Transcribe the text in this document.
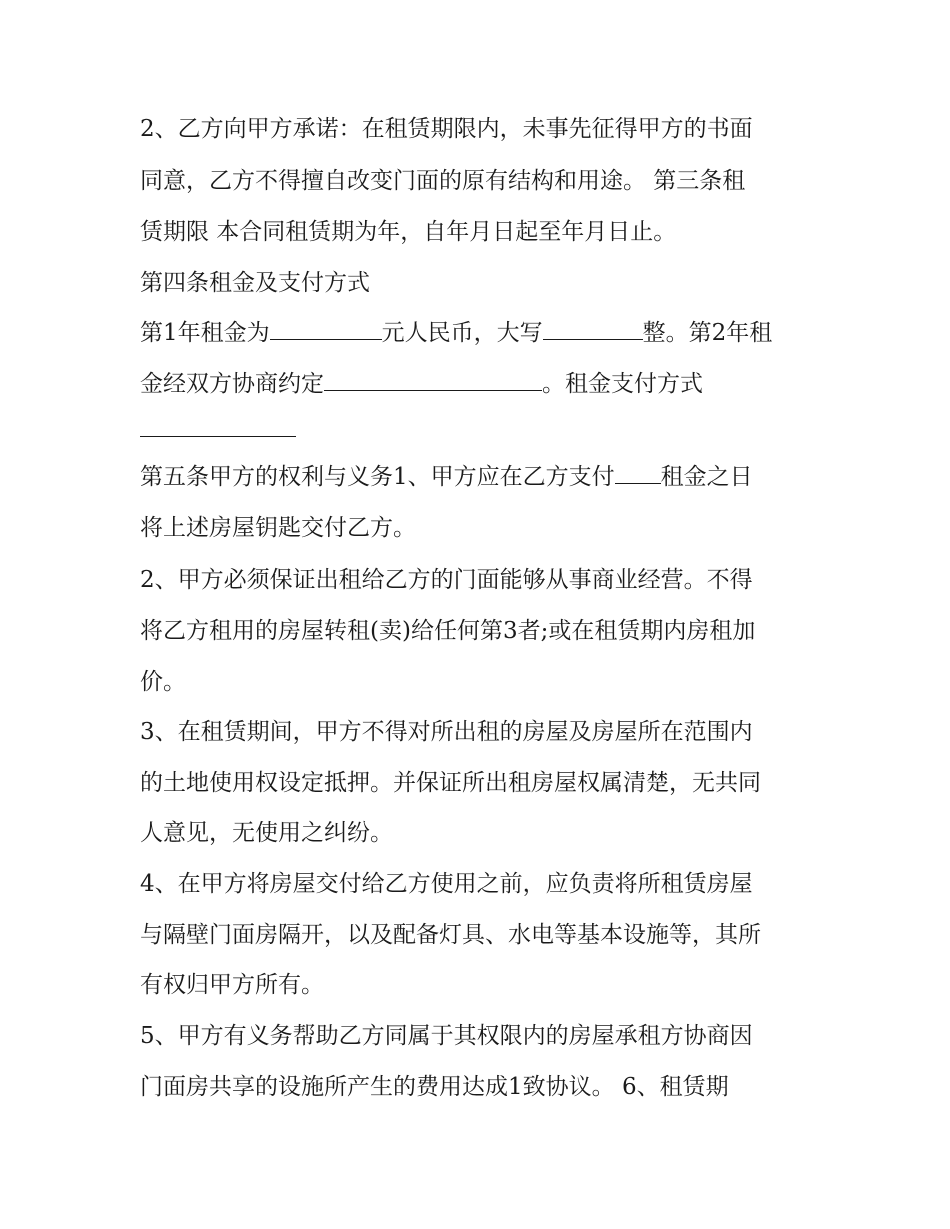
2、乙方向甲方承诺：在租赁期限内，未事先征得甲方的书面

同意，乙方不得擅自改变门面的原有结构和用途。 第三条租

赁期限 本合同租赁期为年，自年月日起至年月日止。

第四条租金及支付方式

第1年租金为	元人民币，大写	整。第2年租

金经双方协商约定	。租金支付方式

第五条甲方的权利与义务1、甲方应在乙方支付 租金之日

将上述房屋钥匙交付乙方。

2、甲方必须保证出租给乙方的门面能够从事商业经营。不得

将乙方租用的房屋转租(卖)给任何第3者;或在租赁期内房租加

价。

3、在租赁期间，甲方不得对所出租的房屋及房屋所在范围内

的土地使用权设定抵押。并保证所出租房屋权属清楚，无共同

人意见，无使用之纠纷。

4、在甲方将房屋交付给乙方使用之前，应负责将所租赁房屋

与隔壁门面房隔开，以及配备灯具、水电等基本设施等，其所

有权归甲方所有。

5、甲方有义务帮助乙方同属于其权限内的房屋承租方协商因

门面房共享的设施所产生的费用达成1致协议。 6、租赁期
